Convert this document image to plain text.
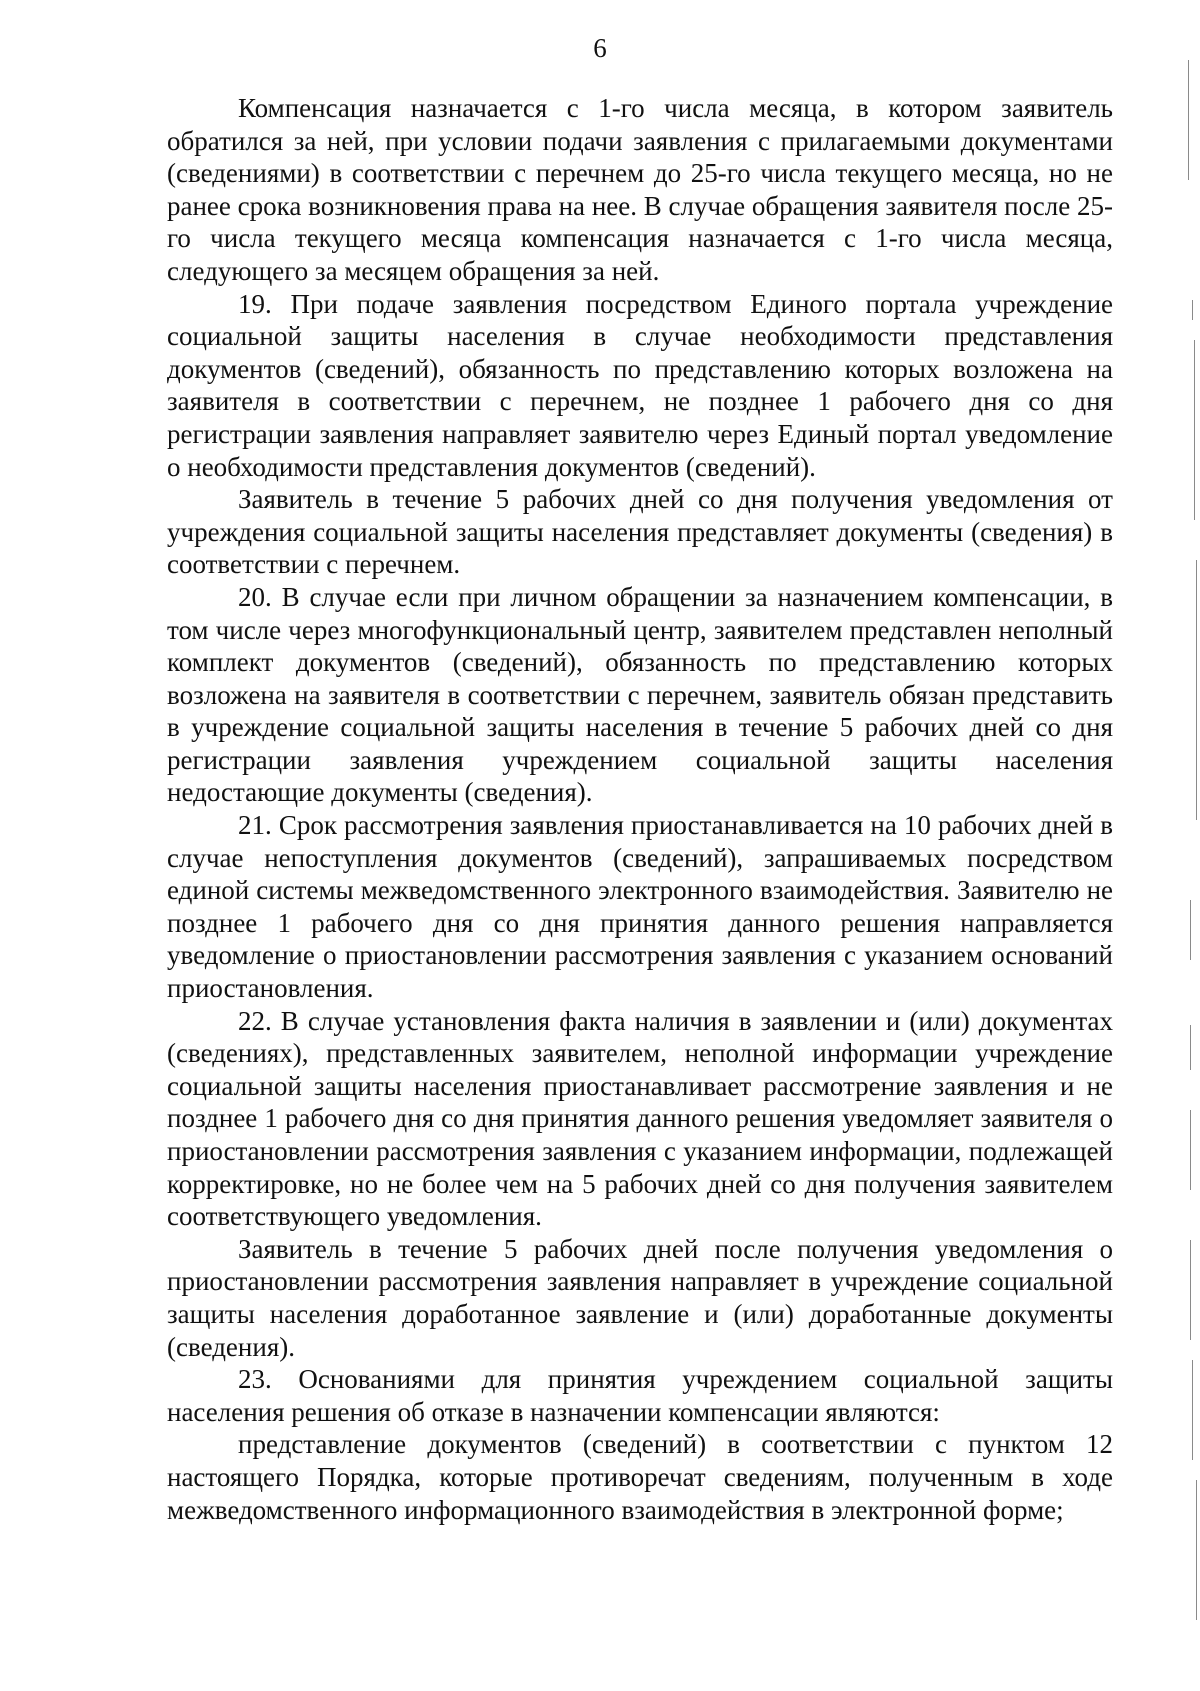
6

Компенсация назначается с 1-го числа месяца, в котором заявитель обратился за ней, при условии подачи заявления с прилагаемыми документами (сведениями) в соответствии с перечнем до 25-го числа текущего месяца, но не ранее срока возникновения права на нее. В случае обращения заявителя после 25-го числа текущего месяца компенсация назначается с 1-го числа месяца, следующего за месяцем обращения за ней.

19. При подаче заявления посредством Единого портала учреждение социальной защиты населения в случае необходимости представления документов (сведений), обязанность по представлению которых возложена на заявителя в соответствии с перечнем, не позднее 1 рабочего дня со дня регистрации заявления направляет заявителю через Единый портал уведомление о необходимости представления документов (сведений).

Заявитель в течение 5 рабочих дней со дня получения уведомления от учреждения социальной защиты населения представляет документы (сведения) в соответствии с перечнем.

20. В случае если при личном обращении за назначением компенсации, в том числе через многофункциональный центр, заявителем представлен неполный комплект документов (сведений), обязанность по представлению которых возложена на заявителя в соответствии с перечнем, заявитель обязан представить в учреждение социальной защиты населения в течение 5 рабочих дней со дня регистрации заявления учреждением социальной защиты населения недостающие документы (сведения).

21. Срок рассмотрения заявления приостанавливается на 10 рабочих дней в случае непоступления документов (сведений), запрашиваемых посредством единой системы межведомственного электронного взаимодействия. Заявителю не позднее 1 рабочего дня со дня принятия данного решения направляется уведомление о приостановлении рассмотрения заявления с указанием оснований приостановления.

22. В случае установления факта наличия в заявлении и (или) документах (сведениях), представленных заявителем, неполной информации учреждение социальной защиты населения приостанавливает рассмотрение заявления и не позднее 1 рабочего дня со дня принятия данного решения уведомляет заявителя о приостановлении рассмотрения заявления с указанием информации, подлежащей корректировке, но не более чем на 5 рабочих дней со дня получения заявителем соответствующего уведомления.

Заявитель в течение 5 рабочих дней после получения уведомления о приостановлении рассмотрения заявления направляет в учреждение социальной защиты населения доработанное заявление и (или) доработанные документы (сведения).

23. Основаниями для принятия учреждением социальной защиты населения решения об отказе в назначении компенсации являются:

представление документов (сведений) в соответствии с пунктом 12 настоящего Порядка, которые противоречат сведениям, полученным в ходе межведомственного информационного взаимодействия в электронной форме;
